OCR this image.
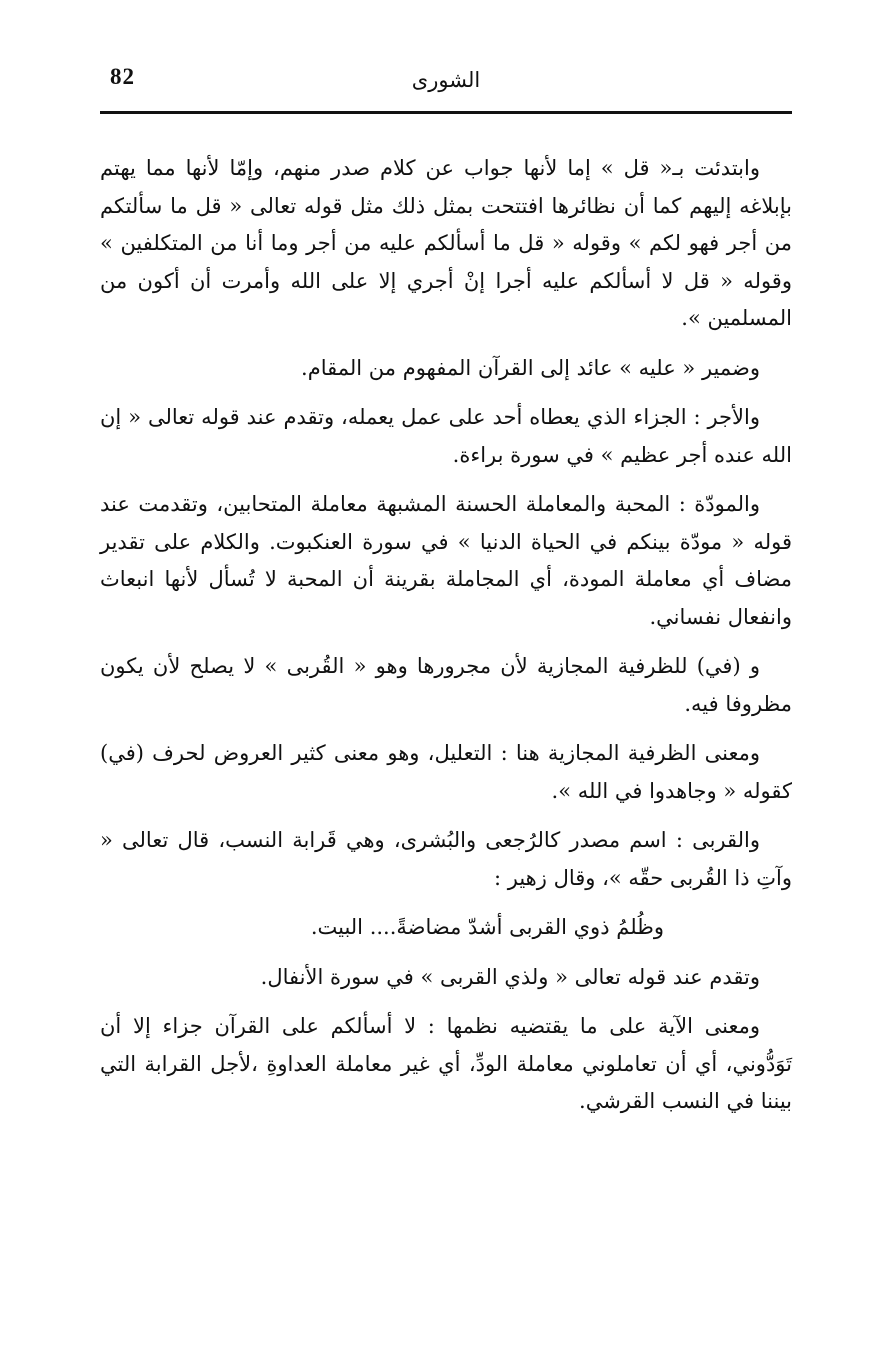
82	الشورى

وابتدئت بـ« قل » إما لأنها جواب عن كلام صدر منهم، وإمّا لأنها مما يهتم بإبلاغه إليهم كما أن نظائرها افتتحت بمثل ذلك مثل قوله تعالى « قل ما سألتكم من أجر فهو لكم » وقوله « قل ما أسألكم عليه من أجر وما أنا من المتكلفين » وقوله « قل لا أسألكم عليه أجرا إنْ أجري إلا على الله وأمرت أن أكون من المسلمين ».

وضمير « عليه » عائد إلى القرآن المفهوم من المقام.

والأجر : الجزاء الذي يعطاه أحد على عمل يعمله، وتقدم عند قوله تعالى « إن الله عنده أجر عظيم » في سورة براءة.

والمودّة : المحبة والمعاملة الحسنة المشبهة معاملة المتحابين، وتقدمت عند قوله « مودّة بينكم في الحياة الدنيا » في سورة العنكبوت. والكلام على تقدير مضاف أي معاملة المودة، أي المجاملة بقرينة أن المحبة لا تُسأل لأنها انبعاث وانفعال نفساني.

و (في) للظرفية المجازية لأن مجرورها وهو « القُربى » لا يصلح لأن يكون مظروفا فيه.

ومعنى الظرفية المجازية هنا : التعليل، وهو معنى كثير العروض لحرف (في) كقوله « وجاهدوا في الله ».

والقربى : اسم مصدر كالرُجعى والبُشرى، وهي قَرابة النسب، قال تعالى « وآتِ ذا القُربى حقّه »، وقال زهير :

وظُلمُ ذوي القربى أشدّ مضاضةً.... البيت.

وتقدم عند قوله تعالى « ولذي القربى » في سورة الأنفال.

ومعنى الآية على ما يقتضيه نظمها : لا أسألكم على القرآن جزاء إلا أن تَوَدُّوني، أي أن تعاملوني معاملة الودِّ، أي غير معاملة العداوةِ ،لأجل القرابة التي بيننا في النسب القرشي.
